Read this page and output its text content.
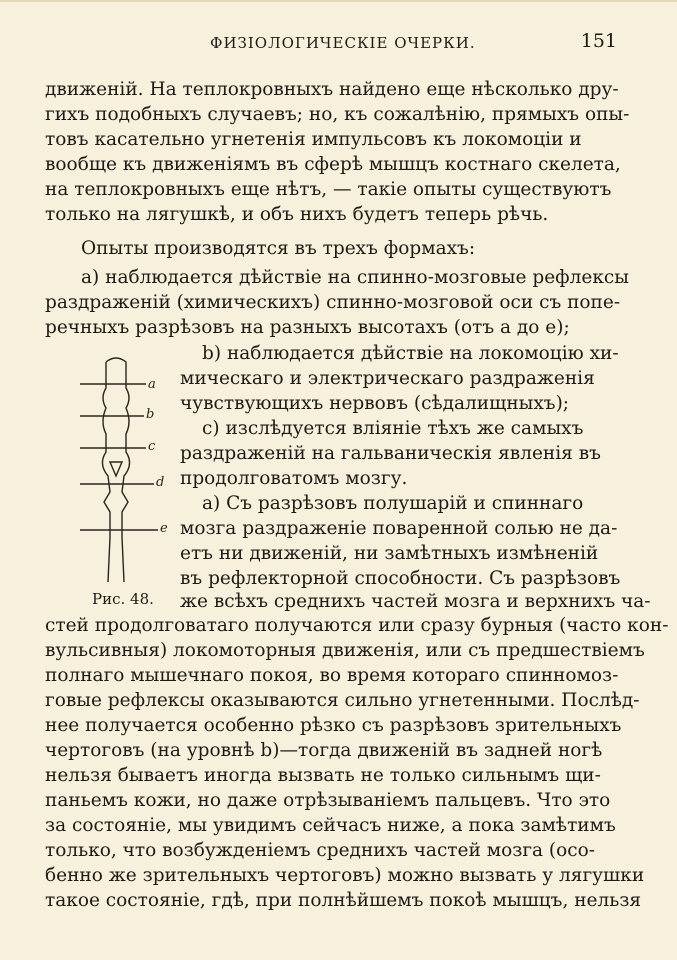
ФИЗІОЛОГИЧЕСКІЕ ОЧЕРКИ.	151
движеній. На теплокровныхъ найдено еще нѣсколько дру-
гихъ подобныхъ случаевъ; но, къ сожалѣнію, прямыхъ опы-
товъ касательно угнетенія импульсовъ къ локомоціи и
вообще къ движеніямъ въ сферѣ мышцъ костнаго скелета,
на теплокровныхъ еще нѣтъ, — такіе опыты существуютъ
только на лягушкѣ, и объ нихъ будетъ теперь рѣчь.
Опыты производятся въ трехъ формахъ:
a) наблюдается дѣйствіе на спинно-мозговые рефлексы
раздраженій (химическихъ) спинно-мозговой оси съ попе-
речныхъ разрѣзовъ на разныхъ высотахъ (отъ a до e);
b) наблюдается дѣйствіе на локомоцію хи-
мическаго и электрическаго раздраженія
чувствующихъ нервовъ (сѣдалищныхъ);
c) изслѣдуется вліяніе тѣхъ же самыхъ
раздраженій на гальваническія явленія въ
продолговатомъ мозгу.
a) Съ разрѣзовъ полушарій и спиннаго
мозга раздраженіе поваренной солью не да-
етъ ни движеній, ни замѣтныхъ измѣненій
въ рефлекторной способности. Съ разрѣзовъ
a
b
c
d
e
Рис. 48. же всѣхъ среднихъ частей мозга и верхнихъ ча-
стей продолговатаго получаются или сразу бурныя (часто кон-
вульсивныя) локомоторныя движенія, или съ предшествіемъ
полнаго мышечнаго покоя, во время котораго спинномоз-
говые рефлексы оказываются сильно угнетенными. Послѣд-
нее получается особенно рѣзко съ разрѣзовъ зрительныхъ
чертоговъ (на уровнѣ b)—тогда движеній въ задней ногѣ
нельзя бываетъ иногда вызвать не только сильнымъ щи-
паньемъ кожи, но даже отрѣзываніемъ пальцевъ. Что это
за состояніе, мы увидимъ сейчасъ ниже, а пока замѣтимъ
только, что возбужденіемъ среднихъ частей мозга (осо-
бенно же зрительныхъ чертоговъ) можно вызвать у лягушки
такое состояніе, гдѣ, при полнѣйшемъ покоѣ мышцъ, нельзя
